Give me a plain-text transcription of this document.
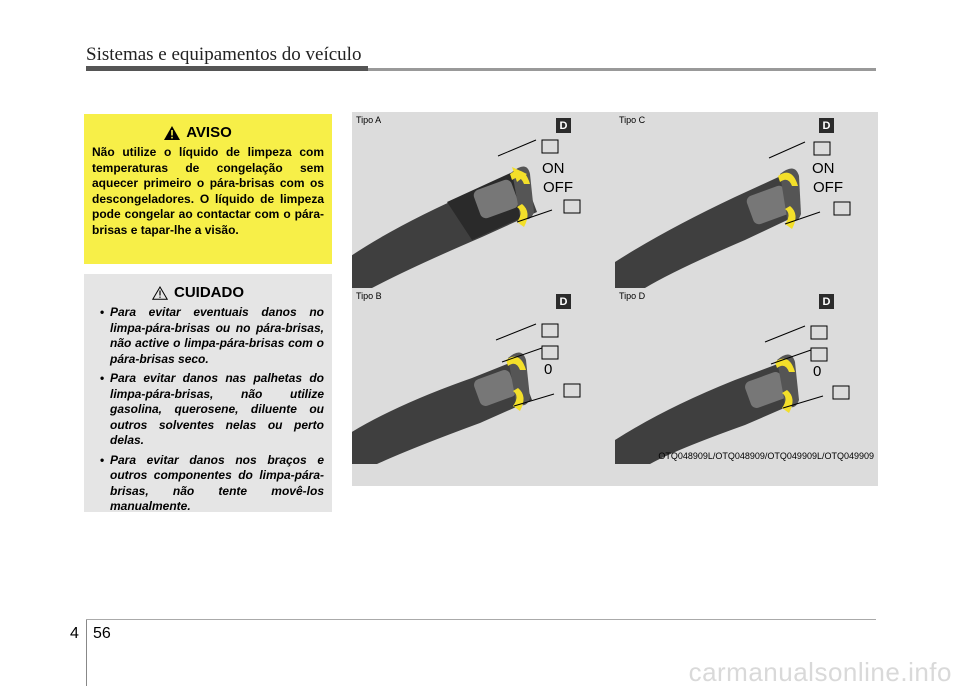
Sistemas e equipamentos do veículo
AVISO

Não utilize o líquido de limpeza com temperaturas de congelação sem aquecer primeiro o pára-brisas com os descongeladores. O líquido de limpeza pode congelar ao contactar com o pára-brisas e tapar-lhe a visão.

CUIDADO
• Para evitar eventuais danos no limpa-pára-brisas ou no pára-brisas, não active o limpa-pára-brisas com o pára-brisas seco.
• Para evitar danos nas palhetas do limpa-pára-brisas, não utilize gasolina, querosene, diluente ou outros solventes nelas ou perto delas.
• Para evitar danos nos braços e outros componentes do limpa-pára-brisas, não tente movê-los manualmente.
Tipo A	D
ON
OFF
Tipo C	D
ON
OFF
Tipo B	D
0
Tipo D	D
0
OTQ048909L/OTQ048909/OTQ049909L/OTQ049909
4 56
carmanualsonline.info
